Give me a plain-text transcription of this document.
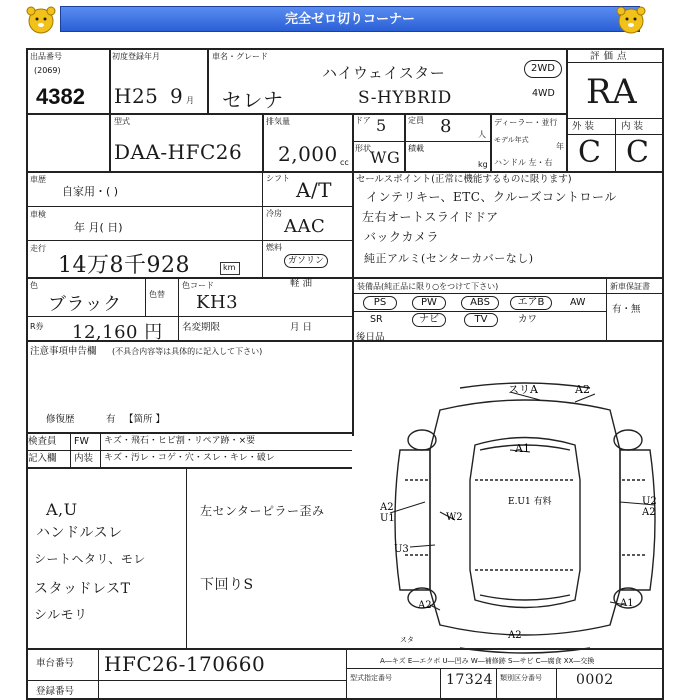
完全ゼロ切りコーナー
出品番号
(2069)
4382
初度登録年月
H25 9 月
車名・グレード
ハイウェイスター
セレナ	S-HYBRID
2WD
4WD
評価点
RA
型式
DAA-HFC26
排気量
2,000 cc
ドア 5
形状 WG
定員 8	人
積載
kg
ディーラー・並行
モデル年式
年
ハンドル 左・右
外 装	内 装
C C
車歴
自家用・( )
車検
年 月( 日)
シフト A/T
冷房
AAC
走行
14万8千928	km
燃料
ガソリン
軽 油
色
ブラック	色替
色コード
KH3
R券 12,160 円 名変期限	月 日
注意事項申告欄 (不具合内容等は具体的に記入して下さい)
修復歴	有 【箇所 】
セールスポイント(正常に機能するものに限ります)
インテリキー、ETC、クルーズコントロール
左右オートスライドドア
バックカメラ
純正アルミ(センターカバーなし)
装備品(純正品に限り○をつけて下さい)	新車保証書
有・無
PS	PW	ABS	エアB	AW
SR	ナビ	TV	カワ
後日品
検査員
記入欄
FW
内装
キズ・飛石・ヒビ割・リペア跡・×要
キズ・汚レ・コゲ・穴・スレ・キレ・破レ
A,U
ハンドルスレ
シートヘタリ、モレ
スタッドレスT
シルモリ
左センターピラー歪み
下回りS
スリA	A2
A1
E.U1 有料
A2
U1
U2
A2
W2
U3
A2	A1
スタ	A2
車台番号 HFC26-170660
登録番号
A―キズ E―エクボ U―凹み W―補修跡 S―サビ C―腐食 XX―交換
型式指定番号	17324 類別区分番号 0002
